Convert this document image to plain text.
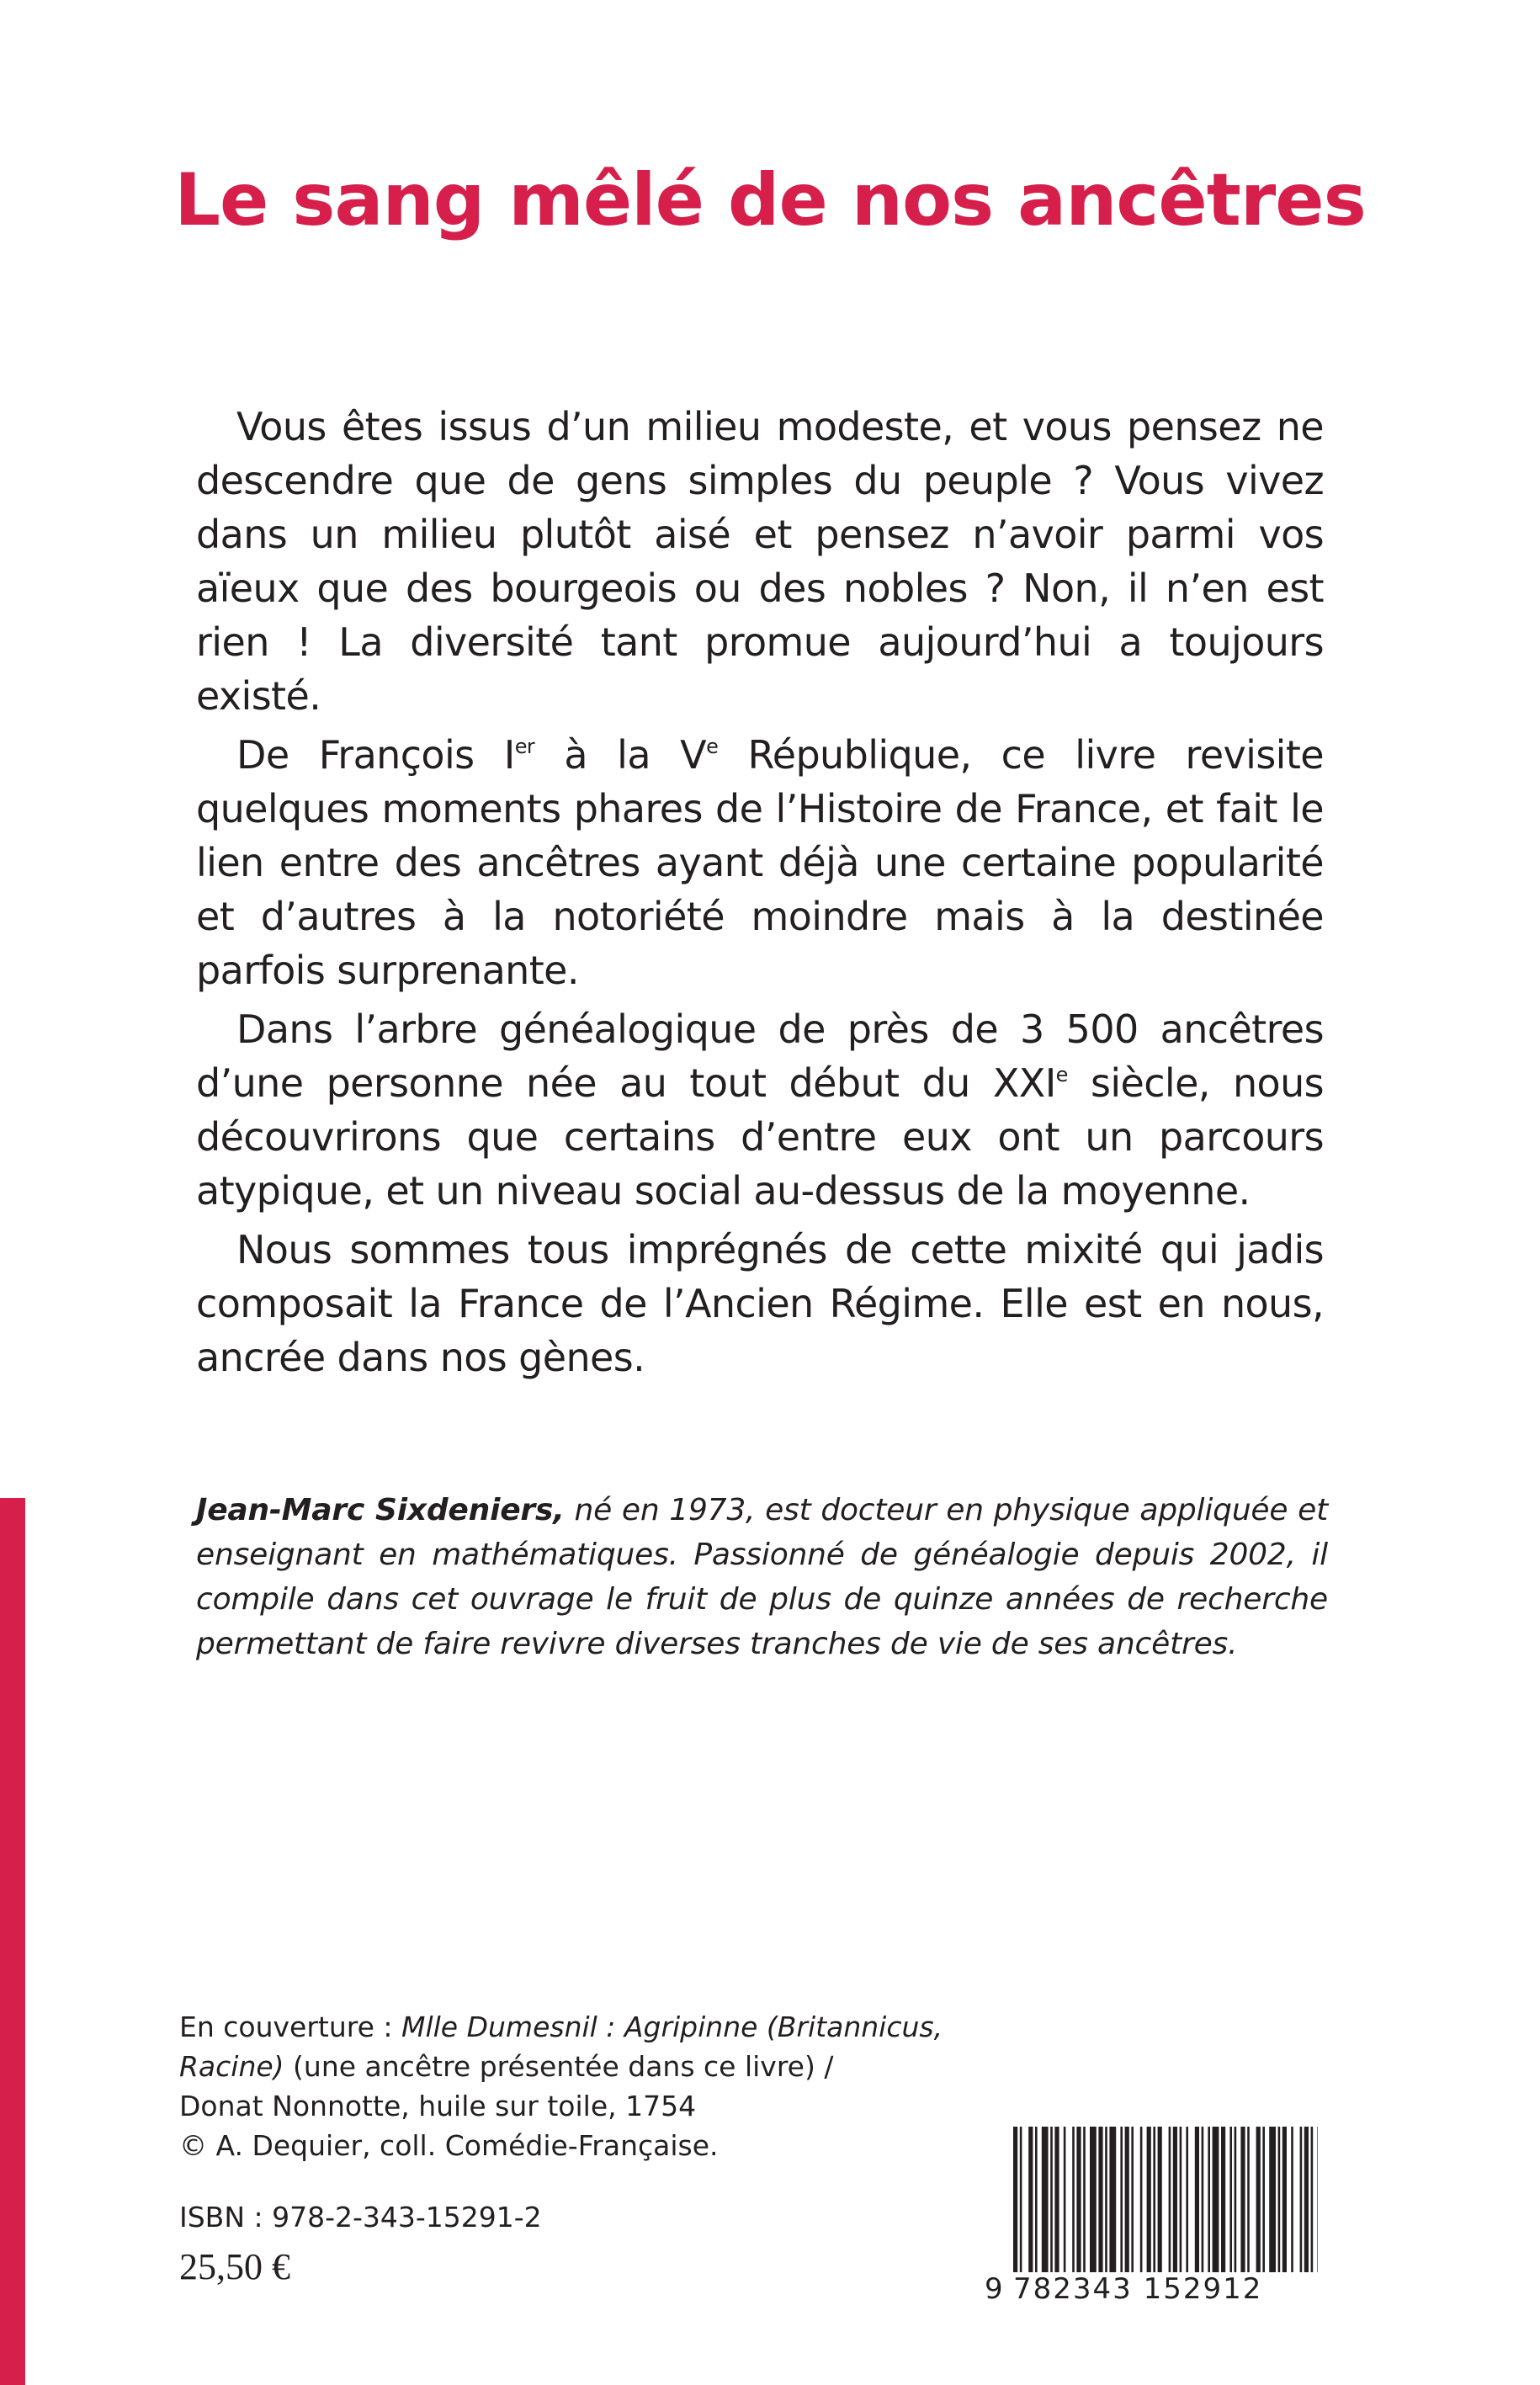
Le sang mêlé de nos ancêtres

Vous êtes issus d’un milieu modeste, et vous pensez ne descendre que de gens simples du peuple ? Vous vivez dans un milieu plutôt aisé et pensez n’avoir parmi vos aïeux que des bourgeois ou des nobles ? Non, il n’en est rien ! La diversité tant promue aujourd’hui a toujours existé.

De François Ier à la Ve République, ce livre revisite quelques moments phares de l’Histoire de France, et fait le lien entre des ancêtres ayant déjà une certaine popularité et d’autres à la notoriété moindre mais à la destinée parfois surprenante.

Dans l’arbre généalogique de près de 3 500 ancêtres d’une personne née au tout début du XXIe siècle, nous découvrirons que certains d’entre eux ont un parcours atypique, et un niveau social au-dessus de la moyenne.

Nous sommes tous imprégnés de cette mixité qui jadis composait la France de l’Ancien Régime. Elle est en nous, ancrée dans nos gènes.

Jean-Marc Sixdeniers, né en 1973, est docteur en physique appliquée et enseignant en mathématiques. Passionné de généalogie depuis 2002, il compile dans cet ouvrage le fruit de plus de quinze années de recherche permettant de faire revivre diverses tranches de vie de ses ancêtres.
En couverture : Mlle Dumesnil : Agripinne (Britannicus,
Racine) (une ancêtre présentée dans ce livre) /
Donat Nonnotte, huile sur toile, 1754
© A. Dequier, coll. Comédie-Française.
ISBN : 978-2-343-15291-2
25,50 €
9 782343 152912
